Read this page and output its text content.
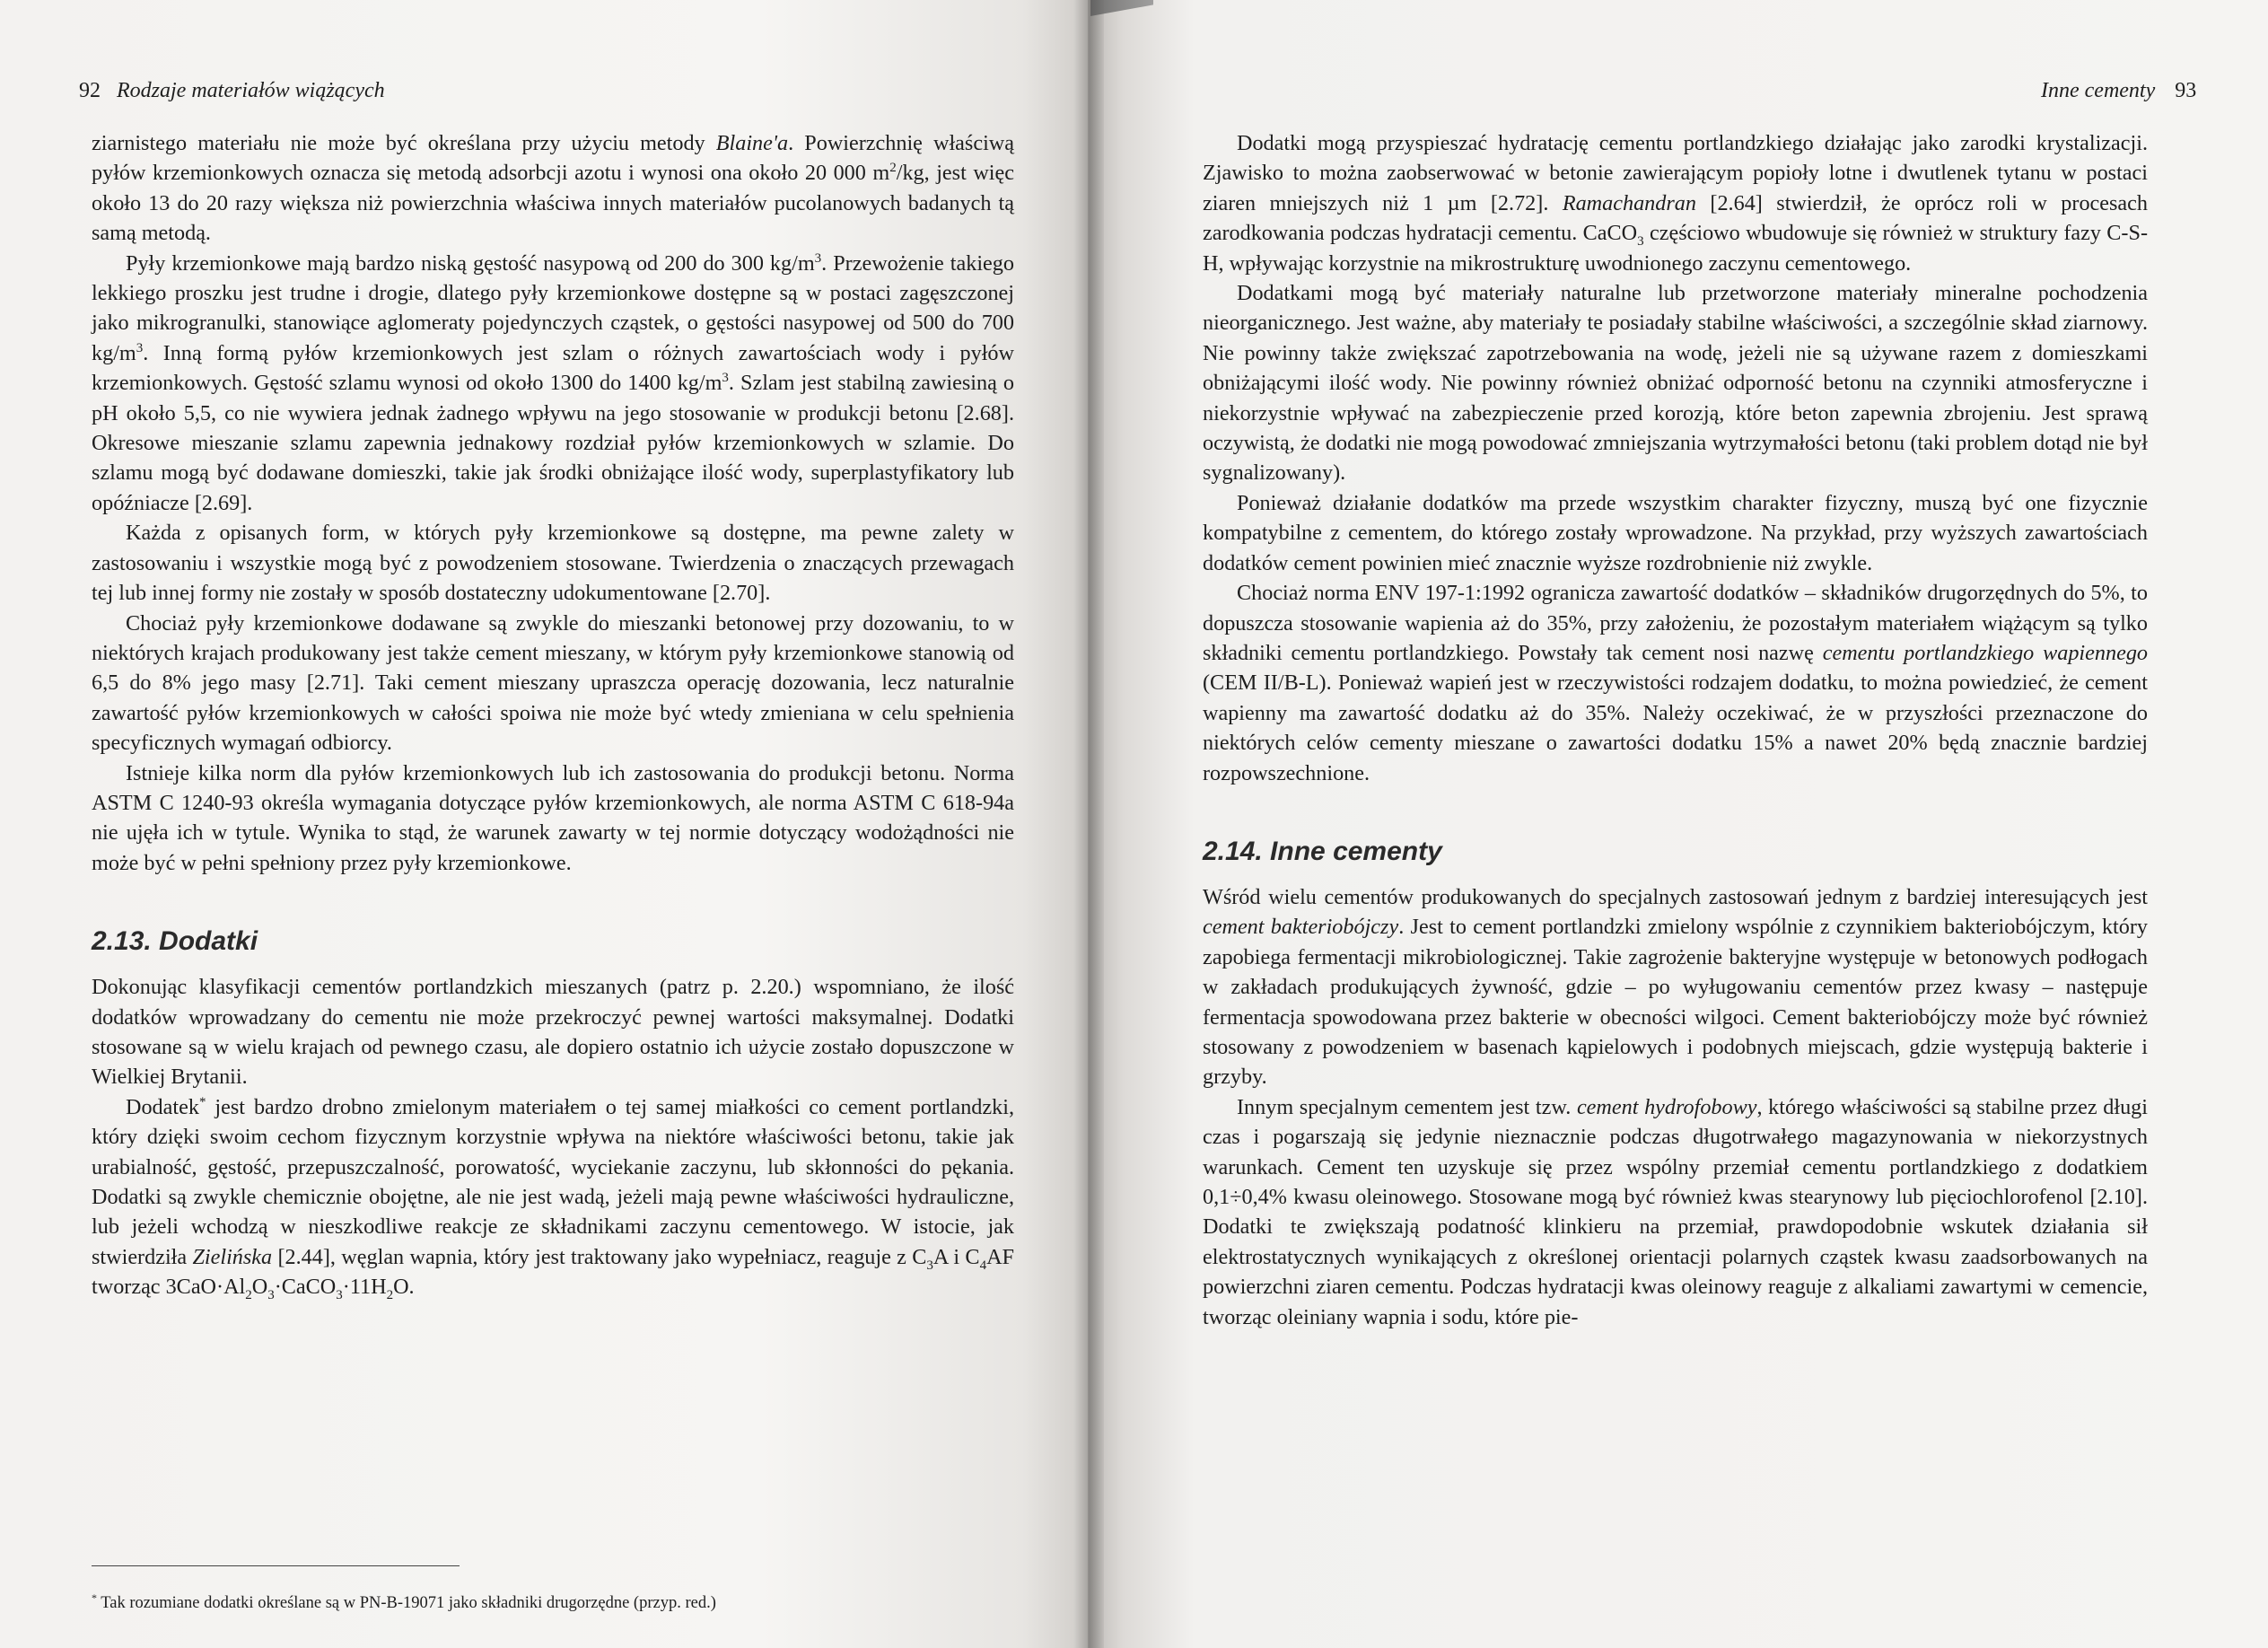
92 Rodzaje materiałów wiążących

ziarnistego materiału nie może być określana przy użyciu metody Blaine'a. Powierzchnię właściwą pyłów krzemionkowych oznacza się metodą adsorbcji azotu i wynosi ona około 20 000 $m^2/kg$, jest więc około 13 do 20 razy większa niż powierzchnia właściwa innych materiałów pucolanowych badanych tą samą metodą.

Pyły krzemionkowe mają bardzo niską gęstość nasypową od 200 do 300 $kg/m^3$. Przewożenie takiego lekkiego proszku jest trudne i drogie, dlatego pyły krzemionkowe dostępne są w postaci zagęszczonej jako mikrogranulki, stanowiące aglomeraty pojedynczych cząstek, o gęstości nasypowej od 500 do 700 $kg/m^3$. Inną formą pyłów krzemionkowych jest szlam o różnych zawartościach wody i pyłów krzemionkowych. Gęstość szlamu wynosi od około 1300 do 1400 $kg/m^3$. Szlam jest stabilną zawiesiną o pH około 5,5, co nie wywiera jednak żadnego wpływu na jego stosowanie w produkcji betonu [2.68]. Okresowe mieszanie szlamu zapewnia jednakowy rozdział pyłów krzemionkowych w szlamie. Do szlamu mogą być dodawane domieszki, takie jak środki obniżające ilość wody, superplastyfikatory lub opóźniacze [2.69].

Każda z opisanych form, w których pyły krzemionkowe są dostępne, ma pewne zalety w zastosowaniu i wszystkie mogą być z powodzeniem stosowane. Twierdzenia o znaczących przewagach tej lub innej formy nie zostały w sposób dostateczny udokumentowane [2.70].

Chociaż pyły krzemionkowe dodawane są zwykle do mieszanki betonowej przy dozowaniu, to w niektórych krajach produkowany jest także cement mieszany, w którym pyły krzemionkowe stanowią od 6,5 do 8% jego masy [2.71]. Taki cement mieszany upraszcza operację dozowania, lecz naturalnie zawartość pyłów krzemionkowych w całości spoiwa nie może być wtedy zmieniana w celu spełnienia specyficznych wymagań odbiorcy.

Istnieje kilka norm dla pyłów krzemionkowych lub ich zastosowania do produkcji betonu. Norma ASTM C 1240-93 określa wymagania dotyczące pyłów krzemionkowych, ale norma ASTM C 618-94a nie ujęła ich w tytule. Wynika to stąd, że warunek zawarty w tej normie dotyczący wodożądności nie może być w pełni spełniony przez pyły krzemionkowe.

2.13. Dodatki

Dokonując klasyfikacji cementów portlandzkich mieszanych (patrz p. 2.20.) wspomniano, że ilość dodatków wprowadzany do cementu nie może przekroczyć pewnej wartości maksymalnej. Dodatki stosowane są w wielu krajach od pewnego czasu, ale dopiero ostatnio ich użycie zostało dopuszczone w Wielkiej Brytanii.

Dodatek* jest bardzo drobno zmielonym materiałem o tej samej miałkości co cement portlandzki, który dzięki swoim cechom fizycznym korzystnie wpływa na niektóre właściwości betonu, takie jak urabialność, gęstość, przepuszczalność, porowatość, wyciekanie zaczynu, lub skłonności do pękania. Dodatki są zwykle chemicznie obojętne, ale nie jest wadą, jeżeli mają pewne właściwości hydrauliczne, lub jeżeli wchodzą w nieszkodliwe reakcje ze składnikami zaczynu cementowego. W istocie, jak stwierdziła Zielińska [2.44], węglan wapnia, który jest traktowany jako wypełniacz, reaguje z $C_3A$ i $C_4AF$ tworząc $3CaO\cdot Al_2O_3\cdot CaCO_3\cdot 11H_2O$.

* Tak rozumiane dodatki określane są w PN-B-19071 jako składniki drugorzędne (przyp. red.)
Inne cementy 93

Dodatki mogą przyspieszać hydratację cementu portlandzkiego działając jako zarodki krystalizacji. Zjawisko to można zaobserwować w betonie zawierającym popioły lotne i dwutlenek tytanu w postaci ziaren mniejszych niż 1 µm [2.72]. Ramachandran [2.64] stwierdził, że oprócz roli w procesach zarodkowania podczas hydratacji cementu. CaCO$_3$ częściowo wbudowuje się również w struktury fazy C-S-H, wpływając korzystnie na mikrostrukturę uwodnionego zaczynu cementowego.

Dodatkami mogą być materiały naturalne lub przetworzone materiały mineralne pochodzenia nieorganicznego. Jest ważne, aby materiały te posiadały stabilne właściwości, a szczególnie skład ziarnowy. Nie powinny także zwiększać zapotrzebowania na wodę, jeżeli nie są używane razem z domieszkami obniżającymi ilość wody. Nie powinny również obniżać odporność betonu na czynniki atmosferyczne i niekorzystnie wpływać na zabezpieczenie przed korozją, które beton zapewnia zbrojeniu. Jest sprawą oczywistą, że dodatki nie mogą powodować zmniejszania wytrzymałości betonu (taki problem dotąd nie był sygnalizowany).

Ponieważ działanie dodatków ma przede wszystkim charakter fizyczny, muszą być one fizycznie kompatybilne z cementem, do którego zostały wprowadzone. Na przykład, przy wyższych zawartościach dodatków cement powinien mieć znacznie wyższe rozdrobnienie niż zwykle.

Chociaż norma ENV 197-1:1992 ogranicza zawartość dodatków – składników drugorzędnych do 5%, to dopuszcza stosowanie wapienia aż do 35%, przy założeniu, że pozostałym materiałem wiążącym są tylko składniki cementu portlandzkiego. Powstały tak cement nosi nazwę cementu portlandzkiego wapiennego (CEM II/B-L). Ponieważ wapień jest w rzeczywistości rodzajem dodatku, to można powiedzieć, że cement wapienny ma zawartość dodatku aż do 35%. Należy oczekiwać, że w przyszłości przeznaczone do niektórych celów cementy mieszane o zawartości dodatku 15% a nawet 20% będą znacznie bardziej rozpowszechnione.

2.14. Inne cementy

Wśród wielu cementów produkowanych do specjalnych zastosowań jednym z bardziej interesujących jest cement bakteriobójczy. Jest to cement portlandzki zmielony wspólnie z czynnikiem bakteriobójczym, który zapobiega fermentacji mikrobiologicznej. Takie zagrożenie bakteryjne występuje w betonowych podłogach w zakładach produkujących żywność, gdzie – po wyługowaniu cementów przez kwasy – następuje fermentacja spowodowana przez bakterie w obecności wilgoci. Cement bakteriobójczy może być również stosowany z powodzeniem w basenach kąpielowych i podobnych miejscach, gdzie występują bakterie i grzyby.

Innym specjalnym cementem jest tzw. cement hydrofobowy, którego właściwości są stabilne przez długi czas i pogarszają się jedynie nieznacznie podczas długotrwałego magazynowania w niekorzystnych warunkach. Cement ten uzyskuje się przez wspólny przemiał cementu portlandzkiego z dodatkiem 0,1÷0,4% kwasu oleinowego. Stosowane mogą być również kwas stearynowy lub pięciochlorofenol [2.10]. Dodatki te zwiększają podatność klinkieru na przemiał, prawdopodobnie wskutek działania sił elektrostatycznych wynikających z określonej orientacji polarnych cząstek kwasu zaadsorbowanych na powierzchni ziaren cementu. Podczas hydratacji kwas oleinowy reaguje z alkaliami zawartymi w cemencie, tworząc oleiniany wapnia i sodu, które pie-
